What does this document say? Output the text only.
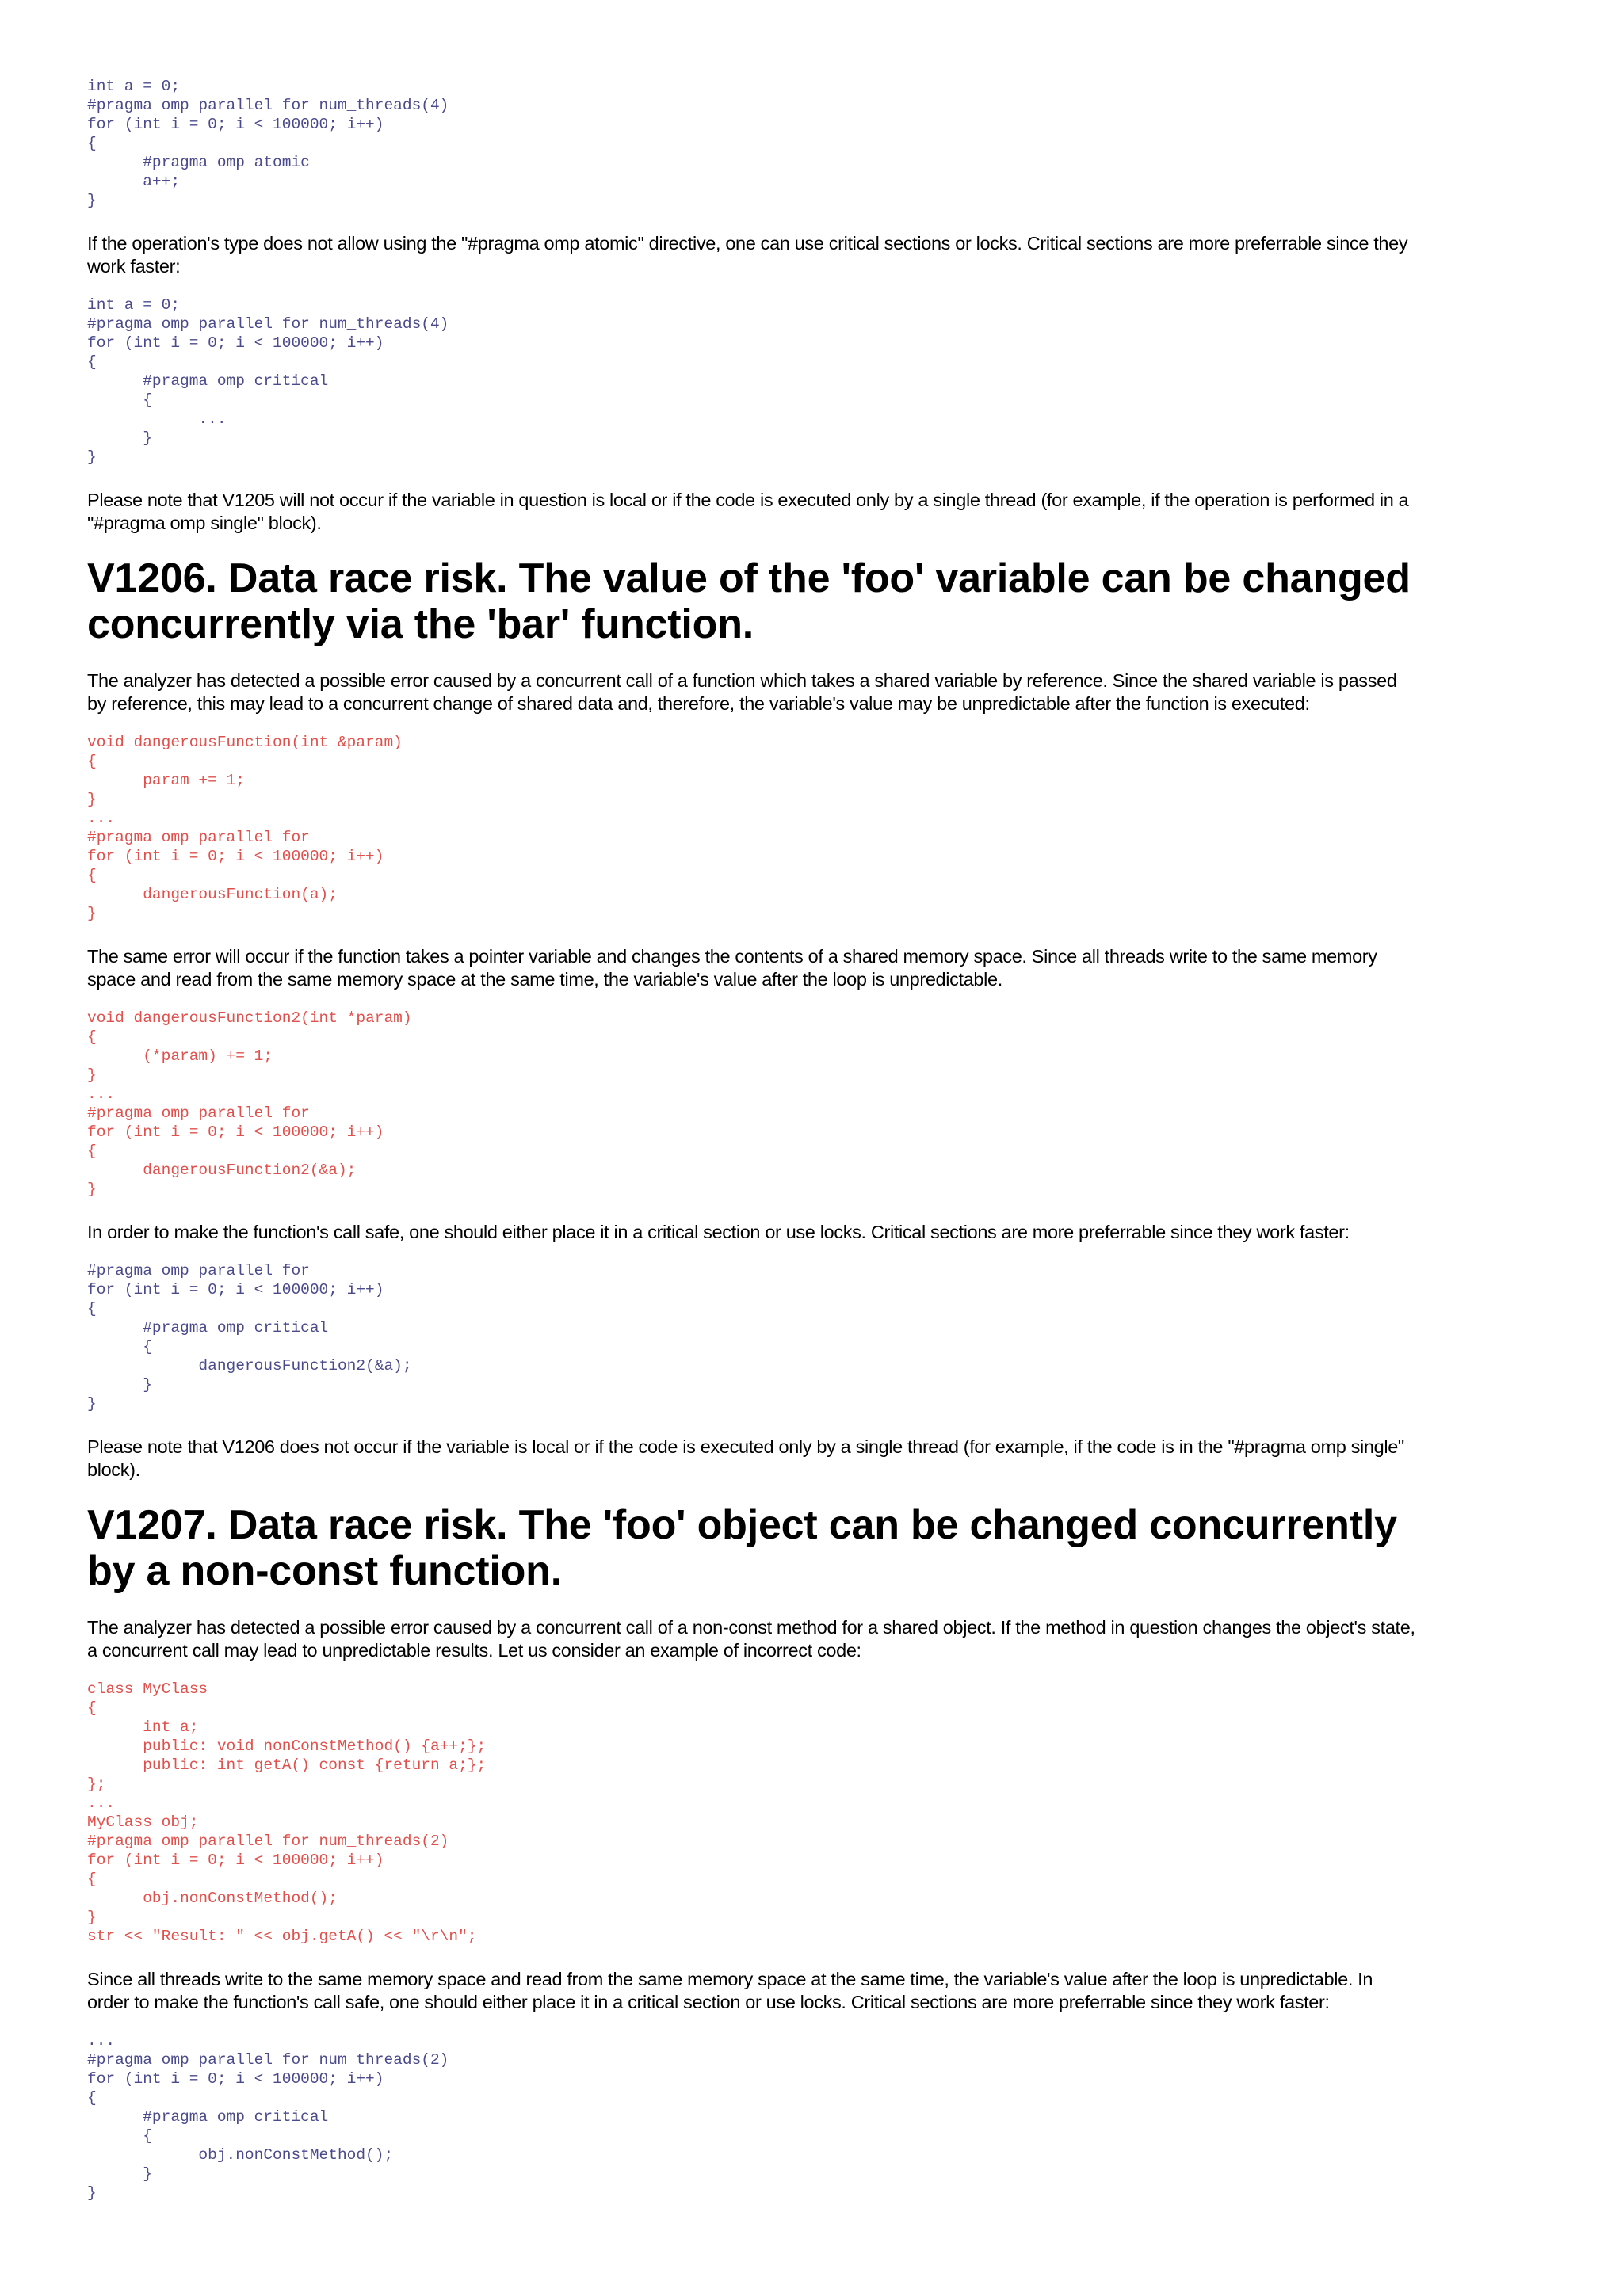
int a = 0;
#pragma omp parallel for num_threads(4)
for (int i = 0; i < 100000; i++)
{
#pragma omp atomic
a++;
}

If the operation's type does not allow using the "#pragma omp atomic" directive, one can use critical sections or locks. Critical sections are more preferrable since they work faster:

int a = 0;
#pragma omp parallel for num_threads(4)
for (int i = 0; i < 100000; i++)
{
#pragma omp critical
{
...
}
}

Please note that V1205 will not occur if the variable in question is local or if the code is executed only by a single thread (for example, if the operation is performed in a "#pragma omp single" block).

V1206. Data race risk. The value of the 'foo' variable can be changed concurrently via the 'bar' function.

The analyzer has detected a possible error caused by a concurrent call of a function which takes a shared variable by reference. Since the shared variable is passed by reference, this may lead to a concurrent change of shared data and, therefore, the variable's value may be unpredictable after the function is executed:

void dangerousFunction(int &param)
{
param += 1;
}
...
#pragma omp parallel for
for (int i = 0; i < 100000; i++)
{
dangerousFunction(a);
}

The same error will occur if the function takes a pointer variable and changes the contents of a shared memory space. Since all threads write to the same memory space and read from the same memory space at the same time, the variable's value after the loop is unpredictable.

void dangerousFunction2(int *param)
{
(*param) += 1;
}
...
#pragma omp parallel for
for (int i = 0; i < 100000; i++)
{
dangerousFunction2(&a);
}

In order to make the function's call safe, one should either place it in a critical section or use locks. Critical sections are more preferrable since they work faster:

#pragma omp parallel for
for (int i = 0; i < 100000; i++)
{
#pragma omp critical
{
dangerousFunction2(&a);
}
}

Please note that V1206 does not occur if the variable is local or if the code is executed only by a single thread (for example, if the code is in the "#pragma omp single" block).

V1207. Data race risk. The 'foo' object can be changed concurrently by a non-const function.

The analyzer has detected a possible error caused by a concurrent call of a non-const method for a shared object. If the method in question changes the object's state, a concurrent call may lead to unpredictable results. Let us consider an example of incorrect code:

class MyClass
{
int a;
public: void nonConstMethod() {a++;};
public: int getA() const {return a;};
};
...
MyClass obj;
#pragma omp parallel for num_threads(2)
for (int i = 0; i < 100000; i++)
{
obj.nonConstMethod();
}
str << "Result: " << obj.getA() << "\r\n";

Since all threads write to the same memory space and read from the same memory space at the same time, the variable's value after the loop is unpredictable. In order to make the function's call safe, one should either place it in a critical section or use locks. Critical sections are more preferrable since they work faster:

...
#pragma omp parallel for num_threads(2)
for (int i = 0; i < 100000; i++)
{
#pragma omp critical
{
obj.nonConstMethod();
}
}
